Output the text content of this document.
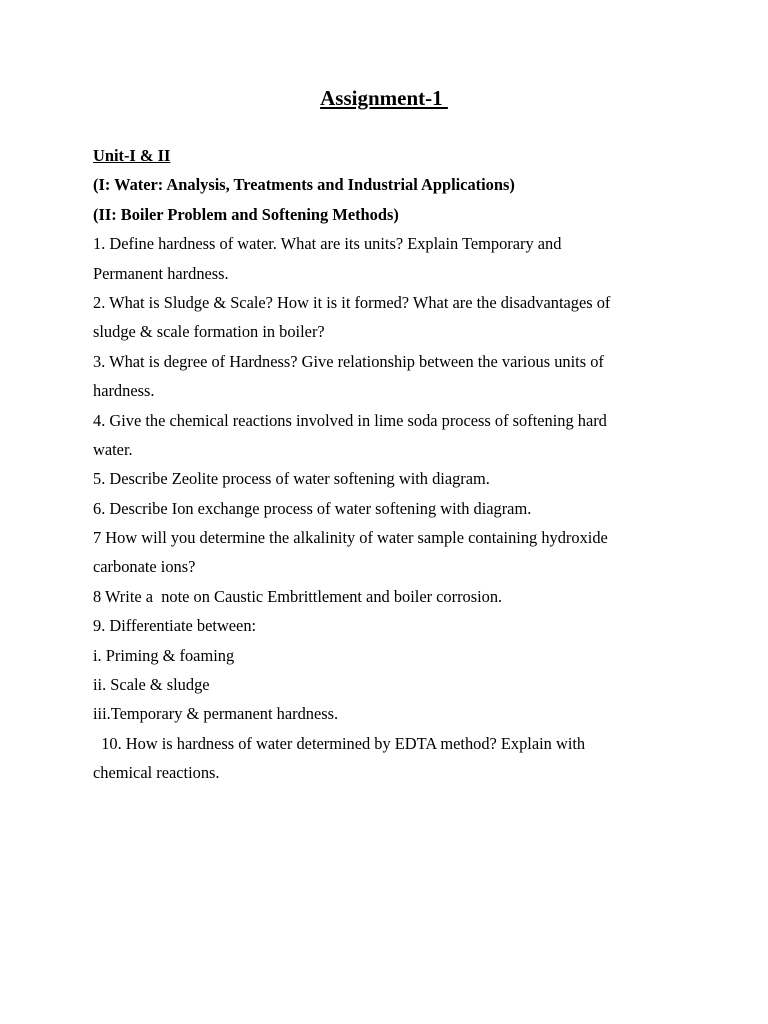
Assignment-1
Unit-I & II
(I: Water: Analysis, Treatments and Industrial Applications)
(II: Boiler Problem and Softening Methods)
1. Define hardness of water. What are its units? Explain Temporary and
Permanent hardness.
2. What is Sludge & Scale? How it is it formed? What are the disadvantages of
sludge & scale formation in boiler?
3. What is degree of Hardness? Give relationship between the various units of
hardness.
4. Give the chemical reactions involved in lime soda process of softening hard
water.
5. Describe Zeolite process of water softening with diagram.
6. Describe Ion exchange process of water softening with diagram.
7 How will you determine the alkalinity of water sample containing hydroxide
carbonate ions?
8 Write a  note on Caustic Embrittlement and boiler corrosion.
9. Differentiate between:
i. Priming & foaming
ii. Scale & sludge
iii.Temporary & permanent hardness.
10. How is hardness of water determined by EDTA method? Explain with
chemical reactions.
